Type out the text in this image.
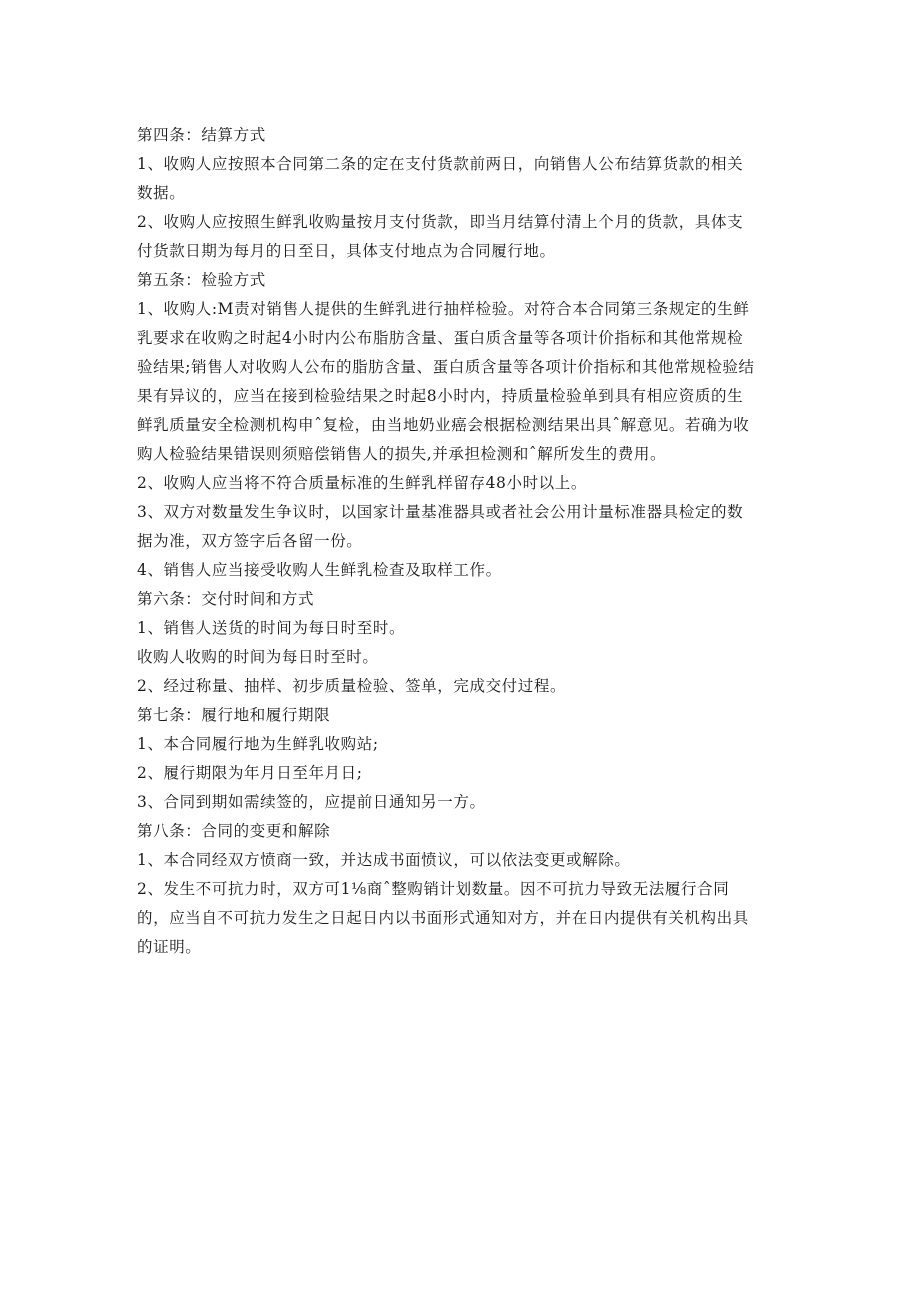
第四条：结算方式
1、收购人应按照本合同第二条的定在支付货款前两日，向销售人公布结算货款的相关
数据。
2、收购人应按照生鲜乳收购量按月支付货款，即当月结算付清上个月的货款，具体支
付货款日期为每月的日至日，具体支付地点为合同履行地。
第五条：检验方式
1、收购人:M责对销售人提供的生鲜乳进行抽样检验。对符合本合同第三条规定的生鲜
乳要求在收购之时起4小时内公布脂肪含量、蛋白质含量等各项计价指标和其他常规检
验结果;销售人对收购人公布的脂肪含量、蛋白质含量等各项计价指标和其他常规检验结
果有异议的，应当在接到检验结果之时起8小时内，持质量检验单到具有相应资质的生
鲜乳质量安全检测机构申ˆ复检，由当地奶业癌会根据检测结果出具ˆ解意见。若确为收
购人检验结果错误则须赔偿销售人的损失,并承担检测和ˆ解所发生的费用。
2、收购人应当将不符合质量标准的生鲜乳样留存48小时以上。
3、双方对数量发生争议时，以国家计量基准器具或者社会公用计量标准器具检定的数
据为准，双方签字后各留一份。
4、销售人应当接受收购人生鲜乳检查及取样工作。
第六条：交付时间和方式
1、销售人送货的时间为每日时至时。
收购人收购的时间为每日时至时。
2、经过称量、抽样、初步质量检验、签单，完成交付过程。
第七条：履行地和履行期限
1、本合同履行地为生鲜乳收购站;
2、履行期限为年月日至年月日;
3、合同到期如需续签的，应提前日通知另一方。
第八条：合同的变更和解除
1、本合同经双方愤商一致，并达成书面愤议，可以依法变更或解除。
2、发生不可抗力时，双方可1⅛商ˆ整购销计划数量。因不可抗力导致无法履行合同
的，应当自不可抗力发生之日起日内以书面形式通知对方，并在日内提供有关机构出具
的证明。
